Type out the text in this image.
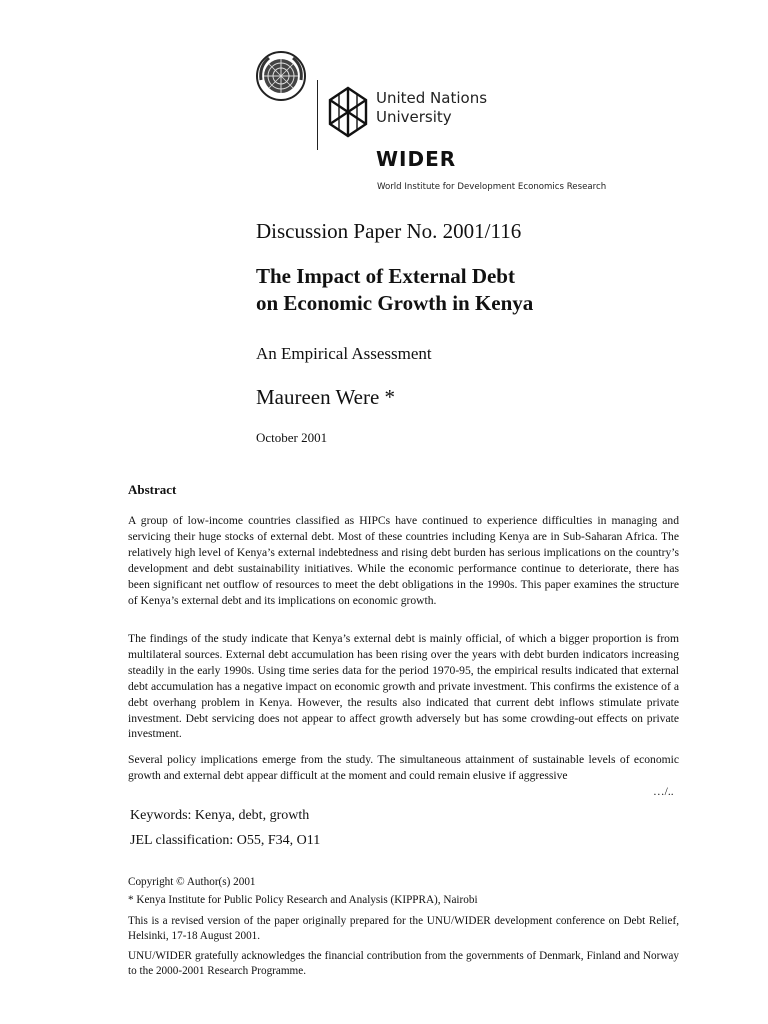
United Nations
University
WIDER
World Institute for Development Economics Research
Discussion Paper No. 2001/116
The Impact of External Debt
on Economic Growth in Kenya
An Empirical Assessment
Maureen Were *
October 2001
Abstract
A group of low-income countries classified as HIPCs have continued to experience difficulties in managing and servicing their huge stocks of external debt. Most of these countries including Kenya are in Sub-Saharan Africa. The relatively high level of Kenya’s external indebtedness and rising debt burden has serious implications on the country’s development and debt sustainability initiatives. While the economic performance continue to deteriorate, there has been significant net outflow of resources to meet the debt obligations in the 1990s. This paper examines the structure of Kenya’s external debt and its implications on economic growth.
The findings of the study indicate that Kenya’s external debt is mainly official, of which a bigger proportion is from multilateral sources. External debt accumulation has been rising over the years with debt burden indicators increasing steadily in the early 1990s. Using time series data for the period 1970-95, the empirical results indicated that external debt accumulation has a negative impact on economic growth and private investment. This confirms the existence of a debt overhang problem in Kenya. However, the results also indicated that current debt inflows stimulate private investment. Debt servicing does not appear to affect growth adversely but has some crowding-out effects on private investment.
Several policy implications emerge from the study. The simultaneous attainment of sustainable levels of economic growth and external debt appear difficult at the moment and could remain elusive if aggressive
…/..
Keywords: Kenya, debt, growth
JEL classification: O55, F34, O11
Copyright © Author(s) 2001
* Kenya Institute for Public Policy Research and Analysis (KIPPRA), Nairobi
This is a revised version of the paper originally prepared for the UNU/WIDER development conference on Debt Relief, Helsinki, 17-18 August 2001.
UNU/WIDER gratefully acknowledges the financial contribution from the governments of Denmark, Finland and Norway to the 2000-2001 Research Programme.
